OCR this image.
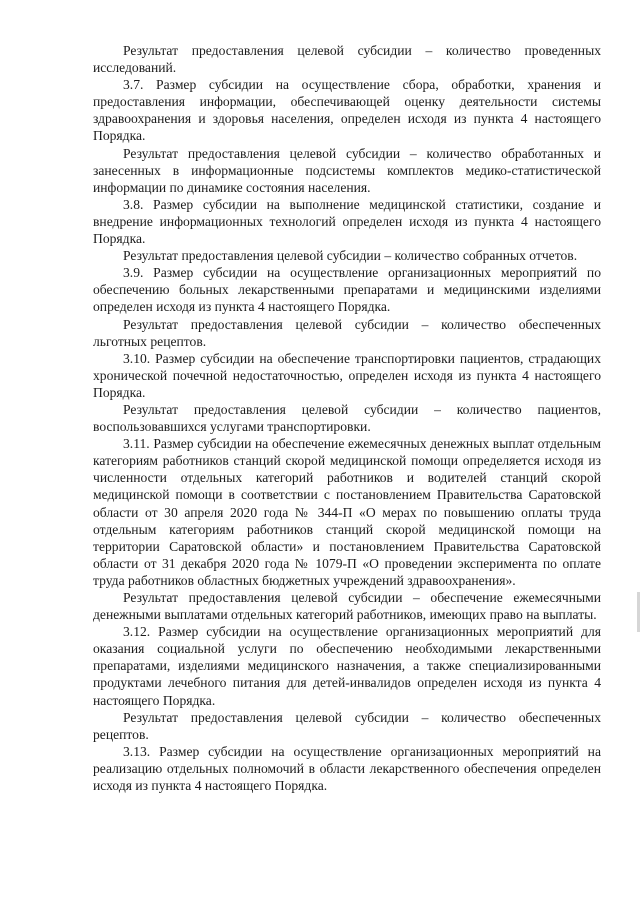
Результат предоставления целевой субсидии – количество проведенных исследований.

3.7. Размер субсидии на осуществление сбора, обработки, хранения и предоставления информации, обеспечивающей оценку деятельности системы здравоохранения и здоровья населения, определен исходя из пункта 4 настоящего Порядка.

Результат предоставления целевой субсидии – количество обработанных и занесенных в информационные подсистемы комплектов медико-статистической информации по динамике состояния населения.

3.8. Размер субсидии на выполнение медицинской статистики, создание и внедрение информационных технологий определен исходя из пункта 4 настоящего Порядка.

Результат предоставления целевой субсидии – количество собранных отчетов.

3.9. Размер субсидии на осуществление организационных мероприятий по обеспечению больных лекарственными препаратами и медицинскими изделиями определен исходя из пункта 4 настоящего Порядка.

Результат предоставления целевой субсидии – количество обеспеченных льготных рецептов.

3.10. Размер субсидии на обеспечение транспортировки пациентов, страдающих хронической почечной недостаточностью, определен исходя из пункта 4 настоящего Порядка.

Результат предоставления целевой субсидии – количество пациентов, воспользовавшихся услугами транспортировки.

3.11. Размер субсидии на обеспечение ежемесячных денежных выплат отдельным категориям работников станций скорой медицинской помощи определяется исходя из численности отдельных категорий работников и водителей станций скорой медицинской помощи в соответствии с постановлением Правительства Саратовской области от 30 апреля 2020 года № 344-П «О мерах по повышению оплаты труда отдельным категориям работников станций скорой медицинской помощи на территории Саратовской области» и постановлением Правительства Саратовской области от 31 декабря 2020 года № 1079-П «О проведении эксперимента по оплате труда работников областных бюджетных учреждений здравоохранения».

Результат предоставления целевой субсидии – обеспечение ежемесячными денежными выплатами отдельных категорий работников, имеющих право на выплаты.

3.12. Размер субсидии на осуществление организационных мероприятий для оказания социальной услуги по обеспечению необходимыми лекарственными препаратами, изделиями медицинского назначения, а также специализированными продуктами лечебного питания для детей-инвалидов определен исходя из пункта 4 настоящего Порядка.

Результат предоставления целевой субсидии – количество обеспеченных рецептов.

3.13. Размер субсидии на осуществление организационных мероприятий на реализацию отдельных полномочий в области лекарственного обеспечения определен исходя из пункта 4 настоящего Порядка.
